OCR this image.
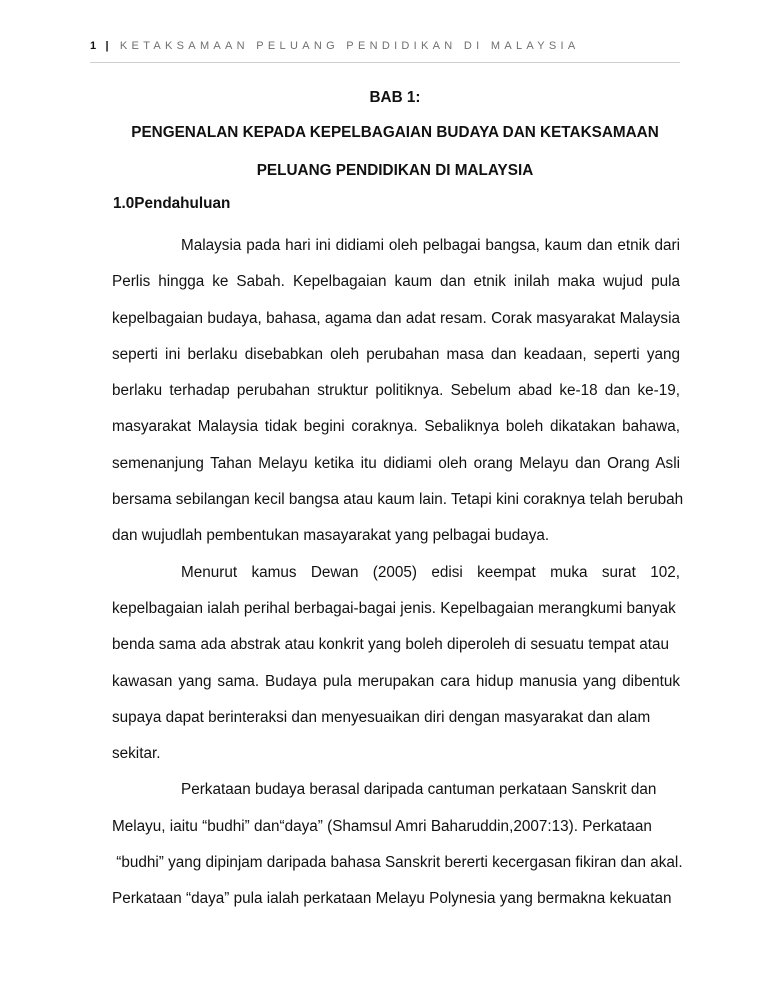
1 | KETAKSAMAAN PELUANG PENDIDIKAN DI MALAYSIA
BAB 1:
PENGENALAN KEPADA KEPELBAGAIAN BUDAYA DAN KETAKSAMAAN
PELUANG PENDIDIKAN DI MALAYSIA
1.0Pendahuluan

Malaysia pada hari ini didiami oleh pelbagai bangsa, kaum dan etnik dari
Perlis hingga ke Sabah. Kepelbagaian kaum dan etnik inilah maka wujud pula
kepelbagaian budaya, bahasa, agama dan adat resam. Corak masyarakat Malaysia
seperti ini berlaku disebabkan oleh perubahan masa dan keadaan, seperti yang
berlaku terhadap perubahan struktur politiknya. Sebelum abad ke-18 dan ke-19,
masyarakat Malaysia tidak begini coraknya. Sebaliknya boleh dikatakan bahawa,
semenanjung Tahan Melayu ketika itu didiami oleh orang Melayu dan Orang Asli
bersama sebilangan kecil bangsa atau kaum lain. Tetapi kini coraknya telah berubah
dan wujudlah pembentukan masayarakat yang pelbagai budaya.

Menurut kamus Dewan (2005) edisi keempat muka surat 102,
kepelbagaian ialah perihal berbagai-bagai jenis. Kepelbagaian merangkumi banyak
benda sama ada abstrak atau konkrit yang boleh diperoleh di sesuatu tempat atau
kawasan yang sama. Budaya pula merupakan cara hidup manusia yang dibentuk
supaya dapat berinteraksi dan menyesuaikan diri dengan masyarakat dan alam
sekitar.

Perkataan budaya berasal daripada cantuman perkataan Sanskrit dan
Melayu, iaitu “budhi” dan“daya” (Shamsul Amri Baharuddin,2007:13). Perkataan
“budhi” yang dipinjam daripada bahasa Sanskrit bererti kecergasan fikiran dan akal.
Perkataan “daya” pula ialah perkataan Melayu Polynesia yang bermakna kekuatan
